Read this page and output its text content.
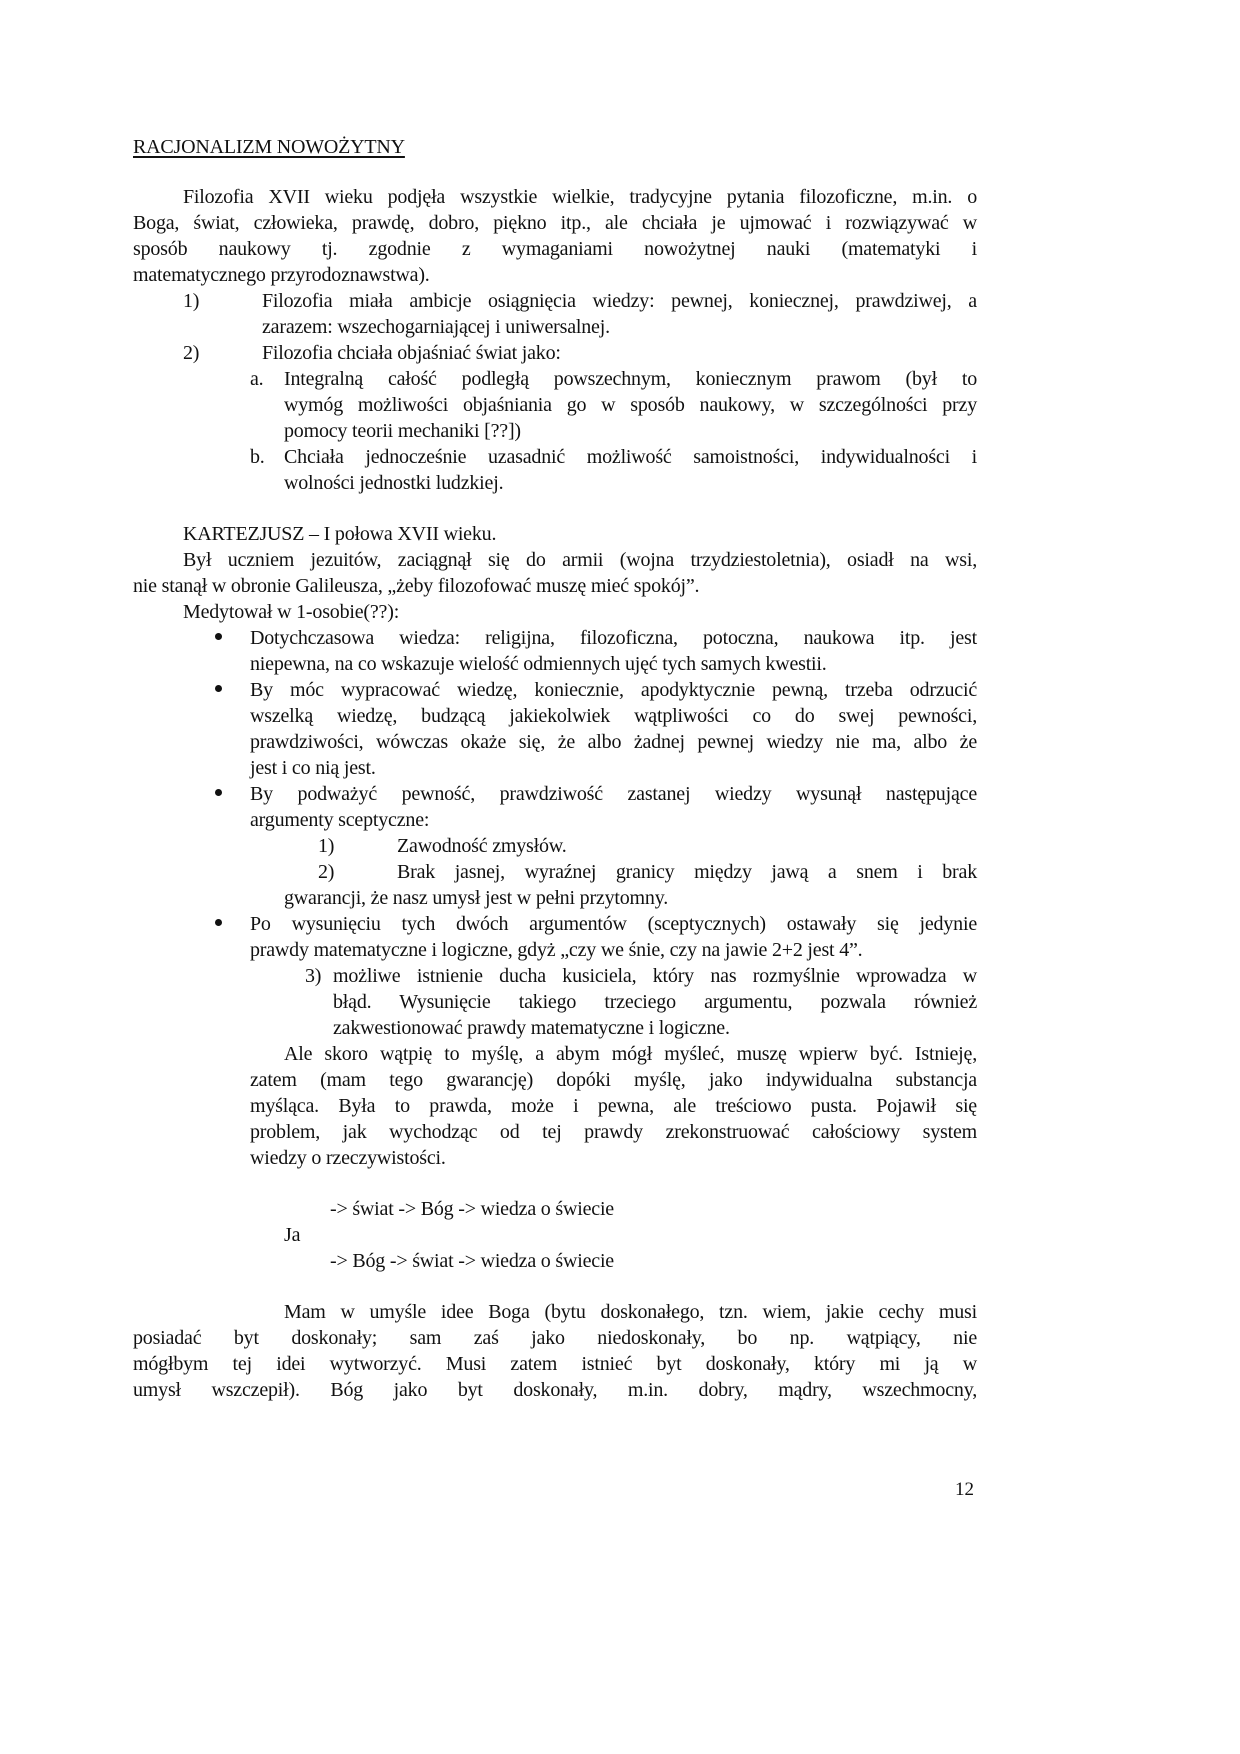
RACJONALIZM NOWOŻYTNY
Filozofia XVII wieku podjęła wszystkie wielkie, tradycyjne pytania filozoficzne, m.in. o
Boga, świat, człowieka, prawdę, dobro, piękno itp., ale chciała je ujmować i rozwiązywać w
sposób naukowy tj. zgodnie z wymaganiami nowożytnej nauki (matematyki i
matematycznego przyrodoznawstwa).
1)	Filozofia miała ambicje osiągnięcia wiedzy: pewnej, koniecznej, prawdziwej, a
zarazem: wszechogarniającej i uniwersalnej.
2)	Filozofia chciała objaśniać świat jako:
a. Integralną całość podległą powszechnym, koniecznym prawom (był to
wymóg możliwości objaśniania go w sposób naukowy, w szczególności przy
pomocy teorii mechaniki [??])
b. Chciała jednocześnie uzasadnić możliwość samoistności, indywidualności i
wolności jednostki ludzkiej.
KARTEZJUSZ – I połowa XVII wieku.
Był uczniem jezuitów, zaciągnął się do armii (wojna trzydziestoletnia), osiadł na wsi,
nie stanął w obronie Galileusza, „żeby filozofować muszę mieć spokój”.
Medytował w 1-osobie(??):
Dotychczasowa wiedza: religijna, filozoficzna, potoczna, naukowa itp. jest
niepewna, na co wskazuje wielość odmiennych ujęć tych samych kwestii.
By móc wypracować wiedzę, koniecznie, apodyktycznie pewną, trzeba odrzucić
wszelką wiedzę, budzącą jakiekolwiek wątpliwości co do swej pewności,
prawdziwości, wówczas okaże się, że albo żadnej pewnej wiedzy nie ma, albo że
jest i co nią jest.
By podważyć pewność, prawdziwość zastanej wiedzy wysunął następujące
argumenty sceptyczne:
1)	Zawodność zmysłów.
2)	Brak jasnej, wyraźnej granicy między jawą a snem i brak
gwarancji, że nasz umysł jest w pełni przytomny.
Po wysunięciu tych dwóch argumentów (sceptycznych) ostawały się jedynie
prawdy matematyczne i logiczne, gdyż „czy we śnie, czy na jawie 2+2 jest 4”.
3) możliwe istnienie ducha kusiciela, który nas rozmyślnie wprowadza w
błąd. Wysunięcie takiego trzeciego argumentu, pozwala również
zakwestionować prawdy matematyczne i logiczne.
Ale skoro wątpię to myślę, a abym mógł myśleć, muszę wpierw być. Istnieję,
zatem (mam tego gwarancję) dopóki myślę, jako indywidualna substancja
myśląca. Była to prawda, może i pewna, ale treściowo pusta. Pojawił się
problem, jak wychodząc od tej prawdy zrekonstruować całościowy system
wiedzy o rzeczywistości.
-> świat -> Bóg -> wiedza o świecie
Ja
-> Bóg -> świat -> wiedza o świecie
Mam w umyśle idee Boga (bytu doskonałego, tzn. wiem, jakie cechy musi
posiadać byt doskonały; sam zaś jako niedoskonały, bo np. wątpiący, nie
mógłbym tej idei wytworzyć. Musi zatem istnieć byt doskonały, który mi ją w
umysł wszczepił). Bóg jako byt doskonały, m.in. dobry, mądry, wszechmocny,
12
